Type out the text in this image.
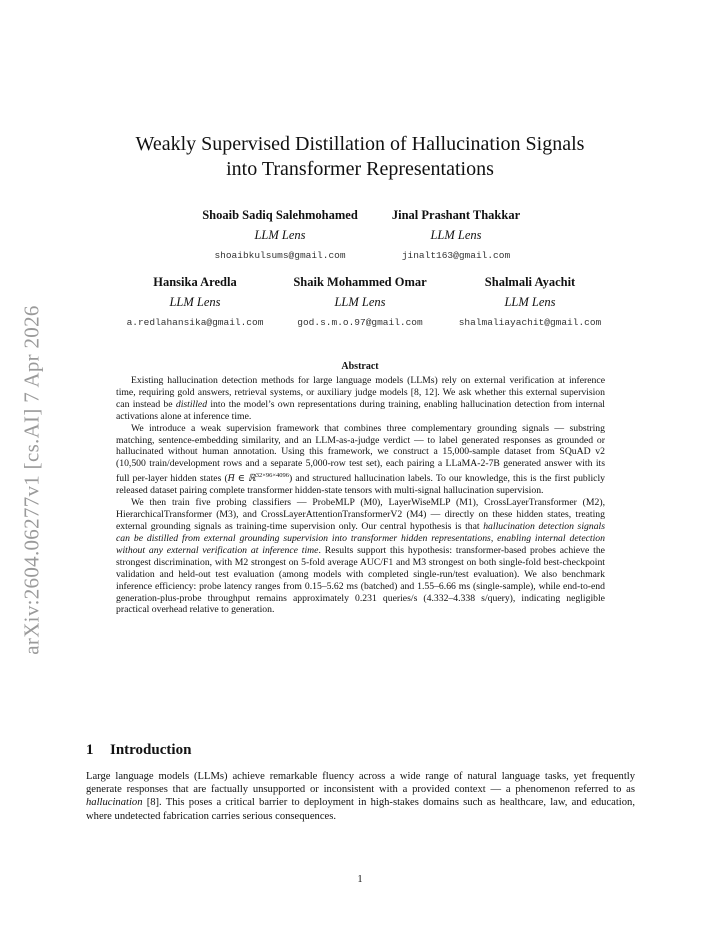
arXiv:2604.06277v1 [cs.AI] 7 Apr 2026
Weakly Supervised Distillation of Hallucination Signals
into Transformer Representations
Shoaib Sadiq Salehmohamed
LLM Lens
shoaibkulsums@gmail.com
Jinal Prashant Thakkar
LLM Lens
jinalt163@gmail.com
Hansika Aredla
LLM Lens
a.redlahansika@gmail.com
Shaik Mohammed Omar
LLM Lens
god.s.m.o.97@gmail.com
Shalmali Ayachit
LLM Lens
shalmaliayachit@gmail.com
Abstract

Existing hallucination detection methods for large language models (LLMs) rely on external verification at inference time, requiring gold answers, retrieval systems, or auxiliary judge models [8, 12]. We ask whether this external supervision can instead be distilled into the model’s own representations during training, enabling hallucination detection from internal activations alone at inference time.

We introduce a weak supervision framework that combines three complementary grounding signals — substring matching, sentence-embedding similarity, and an LLM-as-a-judge verdict — to label generated responses as grounded or hallucinated without human annotation. Using this framework, we construct a 15,000-sample dataset from SQuAD v2 (10,500 train/development rows and a separate 5,000-row test set), each pairing a LLaMA-2-7B generated answer with its full per-layer hidden states (H̄ ∈ ℝ$^{32\times 96\times 4096}$) and structured hallucination labels. To our knowledge, this is the first publicly released dataset pairing complete transformer hidden-state tensors with multi-signal hallucination supervision.

We then train five probing classifiers — ProbeMLP (M0), LayerWiseMLP (M1), CrossLayerTransformer (M2), HierarchicalTransformer (M3), and CrossLayerAttentionTransformerV2 (M4) — directly on these hidden states, treating external grounding signals as training-time supervision only. Our central hypothesis is that hallucination detection signals can be distilled from external grounding supervision into transformer hidden representations, enabling internal detection without any external verification at inference time. Results support this hypothesis: transformer-based probes achieve the strongest discrimination, with M2 strongest on 5-fold average AUC/F1 and M3 strongest on both single-fold best-checkpoint validation and held-out test evaluation (among models with completed single-run/test evaluation). We also benchmark inference efficiency: probe latency ranges from 0.15–5.62 ms (batched) and 1.55–6.66 ms (single-sample), while end-to-end generation-plus-probe throughput remains approximately 0.231 queries/s (4.332–4.338 s/query), indicating negligible practical overhead relative to generation.

1 Introduction

Large language models (LLMs) achieve remarkable fluency across a wide range of natural language tasks, yet frequently generate responses that are factually unsupported or inconsistent with a provided context — a phenomenon referred to as hallucination [8]. This poses a critical barrier to deployment in high-stakes domains such as healthcare, law, and education, where undetected fabrication carries serious consequences.

1
